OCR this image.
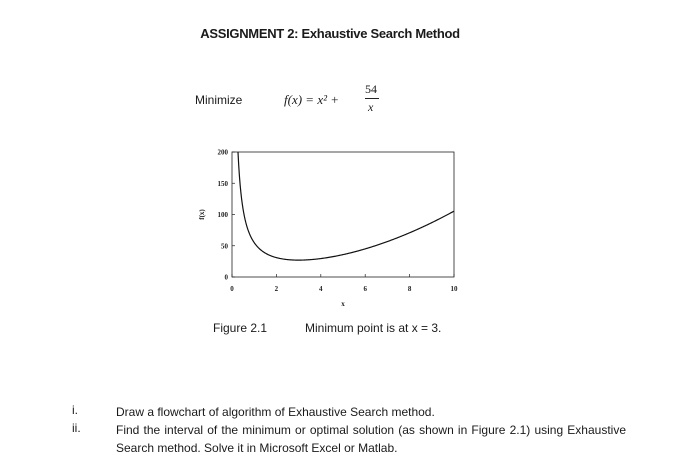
ASSIGNMENT 2: Exhaustive Search Method
Minimize	f(x) = x² +
54
x
0	2	4	6	8	10
0
50
100
150
200
x
f(x)
Figure 2.1	Minimum point is at x = 3.
i.	Draw a flowchart of algorithm of Exhaustive Search method.
ii.	Find the interval of the minimum or optimal solution (as shown in Figure 2.1) using Exhaustive Search method. Solve it in Microsoft Excel or Matlab.
